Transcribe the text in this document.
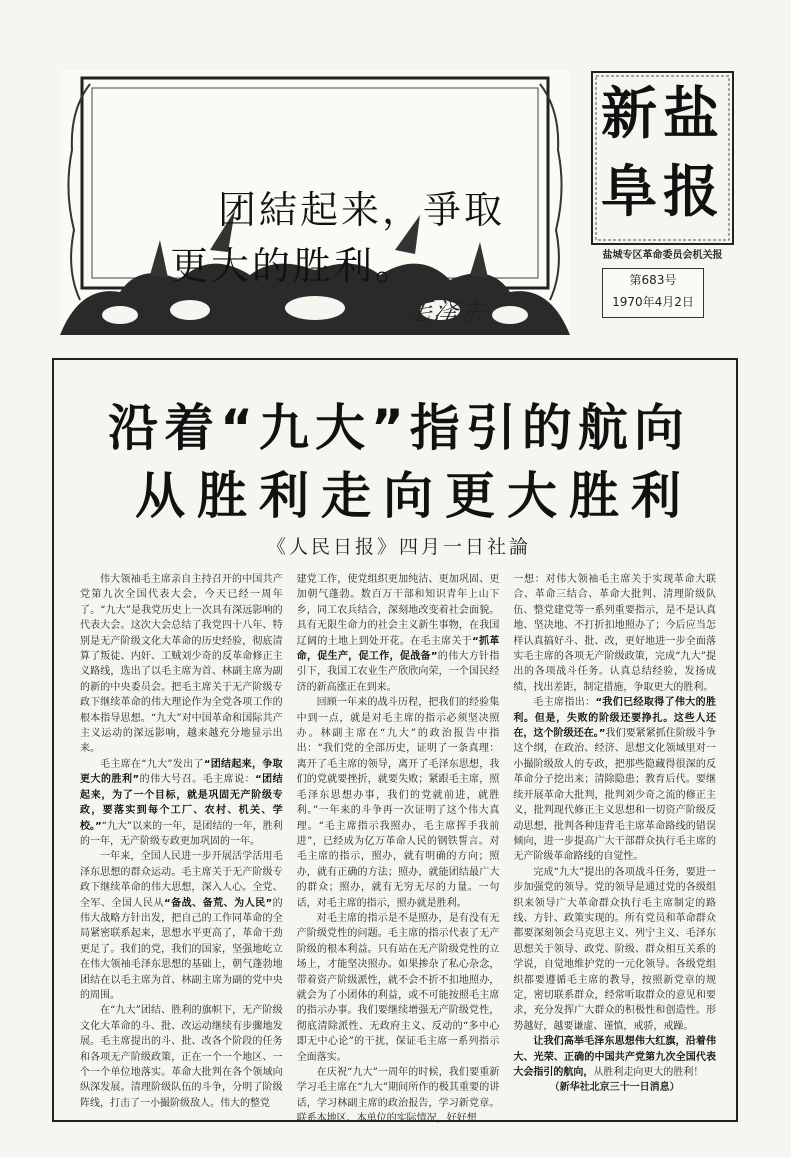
团結起来，爭取
更大的胜利。
毛泽东
新 盐
阜 报
盐城专区革命委员会机关报
第683号
1970年4月2日
沿着“九大”指引的航向
从胜利走向更大胜利
《人民日报》四月一日社論

伟大领袖毛主席亲自主持召开的中国共产党第九次全国代表大会，今天已经一周年了。“九大”是我党历史上一次具有深远影响的代表大会。这次大会总结了我党四十八年、特别是无产阶级文化大革命的历史经验，彻底清算了叛徒、内奸、工贼刘少奇的反革命修正主义路线，选出了以毛主席为首、林副主席为副的新的中央委员会。把毛主席关于无产阶级专政下继续革命的伟大理论作为全党各项工作的根本指导思想。“九大”对中国革命和国际共产主义运动的深远影响，越来越充分地显示出来。

毛主席在“九大”发出了“团结起来，争取更大的胜利”的伟大号召。毛主席说：“团结起来，为了一个目标，就是巩固无产阶级专政，要落实到每个工厂、农村、机关、学校。”“九大”以来的一年，是团结的一年，胜利的一年，无产阶级专政更加巩固的一年。

一年来，全国人民进一步开展活学活用毛泽东思想的群众运动。毛主席关于无产阶级专政下继续革命的伟大思想，深入人心。全党、全军、全国人民从“备战、备荒、为人民”的伟大战略方针出发，把自己的工作同革命的全局紧密联系起来，思想水平更高了，革命干劲更足了。我们的党，我们的国家，坚强地屹立在伟大领袖毛泽东思想的基础上，朝气蓬勃地团结在以毛主席为首、林副主席为副的党中央的周围。

在“九大”团结、胜利的旗帜下，无产阶级文化大革命的斗、批、改运动继续有步骤地发展。毛主席提出的斗、批、改各个阶段的任务和各项无产阶级政策，正在一个一个地区、一个一个单位地落实。革命大批判在各个领域向纵深发展。清理阶级队伍的斗争，分明了阶级阵线，打击了一小撮阶级敌人。伟大的整党

建党工作，使党组织更加纯洁、更加巩固、更加朝气蓬勃。数百万干部和知识青年上山下乡，同工农兵结合，深刻地改变着社会面貌。具有无限生命力的社会主义新生事物，在我国辽阔的土地上到处开花。在毛主席关于“抓革命，促生产，促工作，促战备”的伟大方针指引下，我国工农业生产欣欣向荣，一个国民经济的新高涨正在到来。

回顾一年来的战斗历程，把我们的经验集中到一点，就是对毛主席的指示必须坚决照办。林副主席在“九大”的政治报告中指出：“我们党的全部历史，证明了一条真理：离开了毛主席的领导，离开了毛泽东思想，我们的党就要挫折，就要失败；紧跟毛主席，照毛泽东思想办事，我们的党就前进，就胜利。”一年来的斗争再一次证明了这个伟大真理。“毛主席指示我照办，毛主席挥手我前进”，已经成为亿万革命人民的钢铁誓言。对毛主席的指示，照办，就有明确的方向；照办，就有正确的方法；照办，就能团结最广大的群众；照办，就有无穷无尽的力量。一句话，对毛主席的指示，照办就是胜利。

对毛主席的指示是不是照办，是有没有无产阶级党性的问题。毛主席的指示代表了无产阶级的根本利益。只有站在无产阶级党性的立场上，才能坚决照办。如果掺杂了私心杂念，带着资产阶级派性，就不会不折不扣地照办，就会为了小团体的利益，或不可能按照毛主席的指示办事。我们要继续增强无产阶级党性，彻底清除派性、无政府主义、反动的“多中心即无中心论”的干扰，保证毛主席一系列指示全面落实。

在庆祝“九大”一周年的时候，我们要重新学习毛主席在“九大”期间所作的极其重要的讲话，学习林副主席的政治报告，学习新党章。联系本地区、本单位的实际情况，好好想

一想：对伟大领袖毛主席关于实现革命大联合、革命三结合、革命大批判、清理阶级队伍、整党建党等一系列重要指示，是不是认真地、坚决地、不打折扣地照办了；今后应当怎样认真搞好斗、批、改，更好地进一步全面落实毛主席的各项无产阶级政策，完成“九大”提出的各项战斗任务。认真总结经验，发扬成绩，找出差距，制定措施，争取更大的胜利。

毛主席指出：“我们已经取得了伟大的胜利。但是，失败的阶级还要挣扎。这些人还在，这个阶级还在。”我们要紧紧抓住阶级斗争这个纲，在政治、经济、思想文化领域里对一小撮阶级敌人的专政，把那些隐藏得很深的反革命分子挖出来；清除隐患；教育后代。要继续开展革命大批判，批判刘少奇之流的修正主义，批判现代修正主义思想和一切资产阶级反动思想，批判各种违背毛主席革命路线的错误倾向，进一步提高广大干部群众执行毛主席的无产阶级革命路线的自觉性。

完成“九大”提出的各项战斗任务，要进一步加强党的领导。党的领导是通过党的各级组织来领导广大革命群众执行毛主席制定的路线、方针、政策实现的。所有党员和革命群众都要深刻领会马克思主义、列宁主义、毛泽东思想关于领导、政党、阶级、群众相互关系的学说，自觉地维护党的一元化领导。各级党组织都要遵循毛主席的教导，按照新党章的规定，密切联系群众，经常听取群众的意见和要求，充分发挥广大群众的积极性和创造性。形势越好，越要谦虚、谨慎，戒骄，戒躁。

让我们高举毛泽东思想伟大红旗，沿着伟大、光荣、正确的中国共产党第九次全国代表大会指引的航向，从胜利走向更大的胜利！

（新华社北京三十一日消息）
